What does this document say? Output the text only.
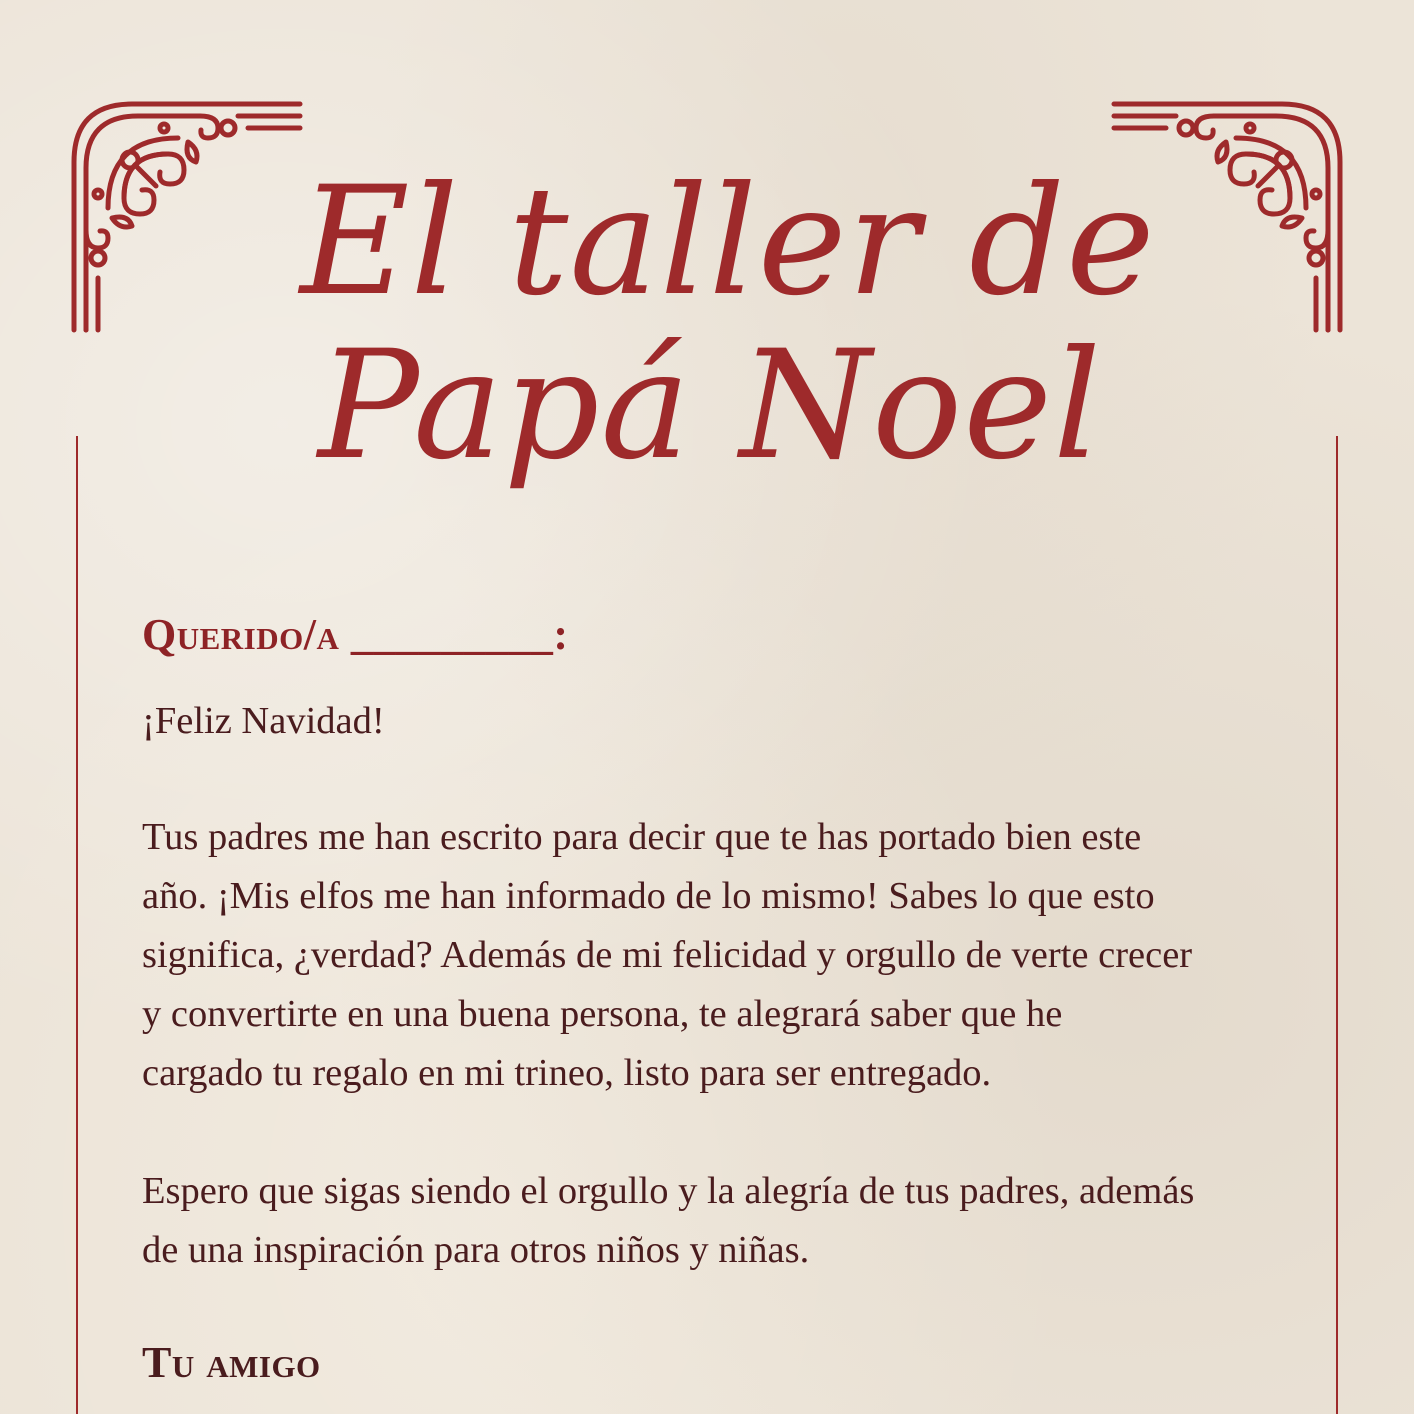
El taller de
Papá Noel

Querido/a _________:

¡Feliz Navidad!

Tus padres me han escrito para decir que te has portado bien este
año. ¡Mis elfos me han informado de lo mismo! Sabes lo que esto
significa, ¿verdad? Además de mi felicidad y orgullo de verte crecer
y convertirte en una buena persona, te alegrará saber que he
cargado tu regalo en mi trineo, listo para ser entregado.

Espero que sigas siendo el orgullo y la alegría de tus padres, además
de una inspiración para otros niños y niñas.

Tu amigo
